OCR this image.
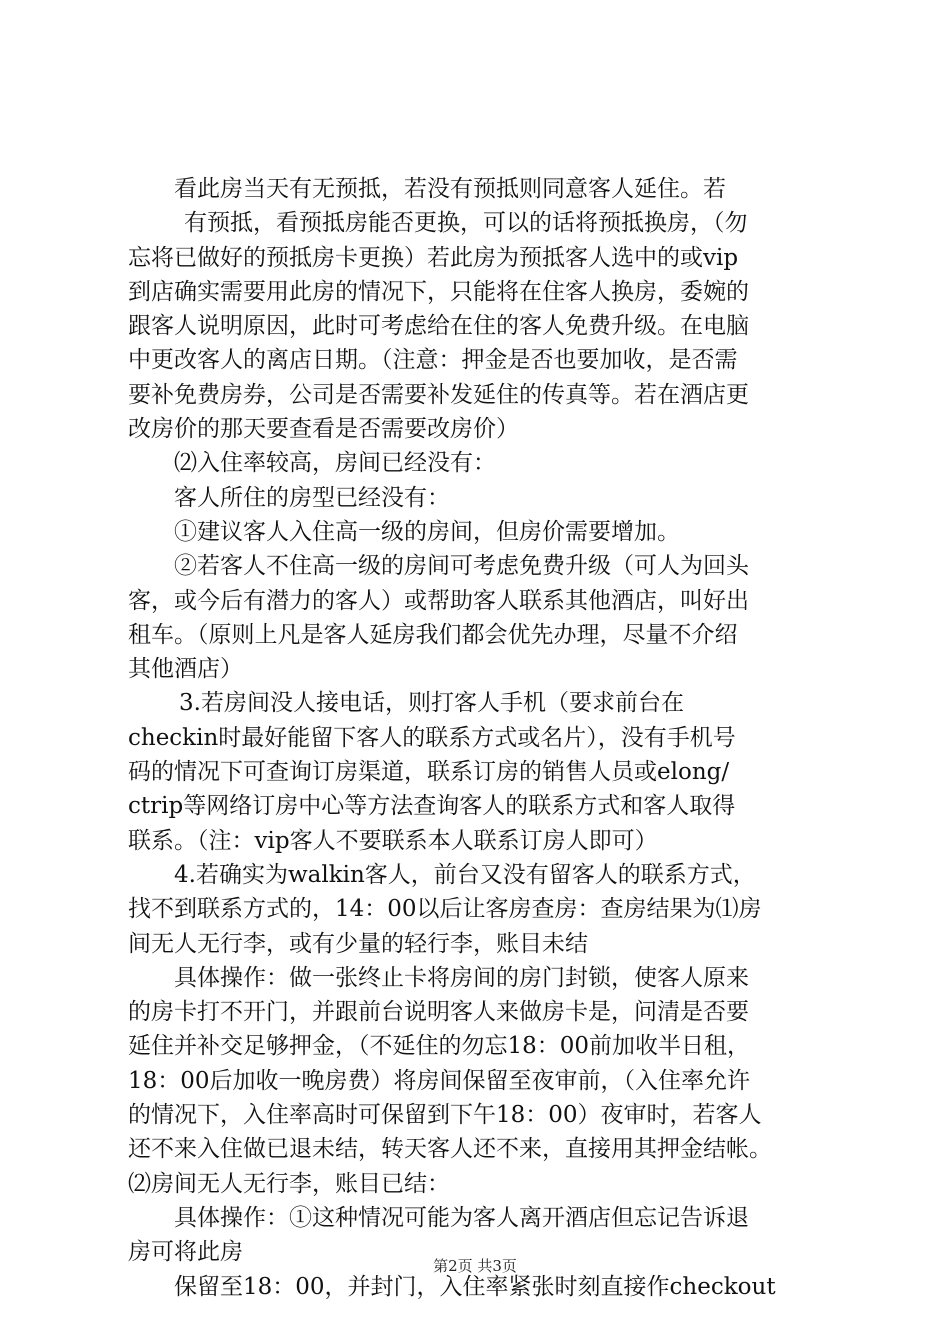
看此房当天有无预抵，若没有预抵则同意客人延住。若
有预抵，看预抵房能否更换，可以的话将预抵换房，（勿
忘将已做好的预抵房卡更换）若此房为预抵客人选中的或vip
到店确实需要用此房的情况下，只能将在住客人换房，委婉的
跟客人说明原因，此时可考虑给在住的客人免费升级。在电脑
中更改客人的离店日期。（注意：押金是否也要加收，是否需
要补免费房券，公司是否需要补发延住的传真等。若在酒店更
改房价的那天要查看是否需要改房价）
⑵入住率较高，房间已经没有：
客人所住的房型已经没有：
①建议客人入住高一级的房间，但房价需要增加。
②若客人不住高一级的房间可考虑免费升级（可人为回头
客，或今后有潜力的客人）或帮助客人联系其他酒店，叫好出
租车。（原则上凡是客人延房我们都会优先办理，尽量不介绍
其他酒店）
3.若房间没人接电话，则打客人手机（要求前台在
checkin时最好能留下客人的联系方式或名片），没有手机号
码的情况下可查询订房渠道，联系订房的销售人员或elong/
ctrip等网络订房中心等方法查询客人的联系方式和客人取得
联系。（注：vip客人不要联系本人联系订房人即可）
4.若确实为walkin客人，前台又没有留客人的联系方式，
找不到联系方式的，14：00以后让客房查房：查房结果为⑴房
间无人无行李，或有少量的轻行李，账目未结
具体操作：做一张终止卡将房间的房门封锁，使客人原来
的房卡打不开门，并跟前台说明客人来做房卡是，问清是否要
延住并补交足够押金，（不延住的勿忘18：00前加收半日租，
18：00后加收一晚房费）将房间保留至夜审前，（入住率允许
的情况下，入住率高时可保留到下午18：00）夜审时，若客人
还不来入住做已退未结，转天客人还不来，直接用其押金结帐。
⑵房间无人无行李，账目已结：
具体操作：①这种情况可能为客人离开酒店但忘记告诉退
房可将此房
保留至18：00，并封门，入住率紧张时刻直接作checkout
第2页 共3页
